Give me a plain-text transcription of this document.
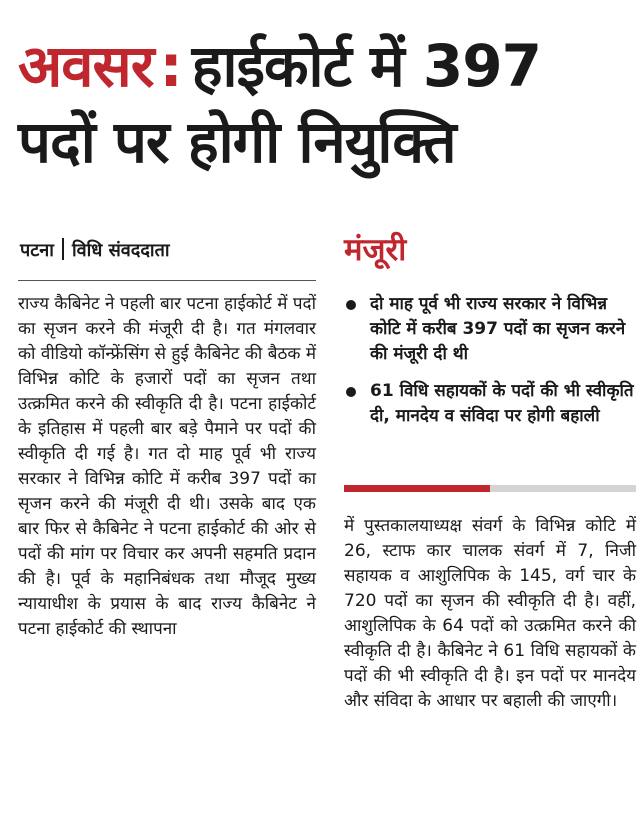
अवसर : हाईकोर्ट में 397
पदों पर होगी नियुक्ति
पटना विधि संवददाता

राज्य कैबिनेट ने पहली बार पटना हाईकोर्ट में पदों का सृजन करने की मंजूरी दी है। गत मंगलवार को वीडियो कॉन्फ्रेंसिंग से हुई कैबिनेट की बैठक में विभिन्न कोटि के हजारों पदों का सृजन तथा उत्क्रमित करने की स्वीकृति दी है। पटना हाईकोर्ट के इतिहास में पहली बार बड़े पैमाने पर पदों की स्वीकृति दी गई है। गत दो माह पूर्व भी राज्य सरकार ने विभिन्न कोटि में करीब 397 पदों का सृजन करने की मंजूरी दी थी। उसके बाद एक बार फिर से कैबिनेट ने पटना हाईकोर्ट की ओर से पदों की मांग पर विचार कर अपनी सहमति प्रदान की है। पूर्व के महानिबंधक तथा मौजूद मुख्य न्यायाधीश के प्रयास के बाद राज्य कैबिनेट ने पटना हाईकोर्ट की स्थापना

मंजूरी
दो माह पूर्व भी राज्य सरकार ने विभिन्न कोटि में करीब 397 पदों का सृजन करने की मंजूरी दी थी
61 विधि सहायकों के पदों की भी स्वीकृति दी, मानदेय व संविदा पर होगी बहाली

में पुस्तकालयाध्यक्ष संवर्ग के विभिन्न कोटि में 26, स्टाफ कार चालक संवर्ग में 7, निजी सहायक व आशुलिपिक के 145, वर्ग चार के 720 पदों का सृजन की स्वीकृति दी है। वहीं, आशुलिपिक के 64 पदों को उत्क्रमित करने की स्वीकृति दी है। कैबिनेट ने 61 विधि सहायकों के पदों की भी स्वीकृति दी है। इन पदों पर मानदेय और संविदा के आधार पर बहाली की जाएगी।
